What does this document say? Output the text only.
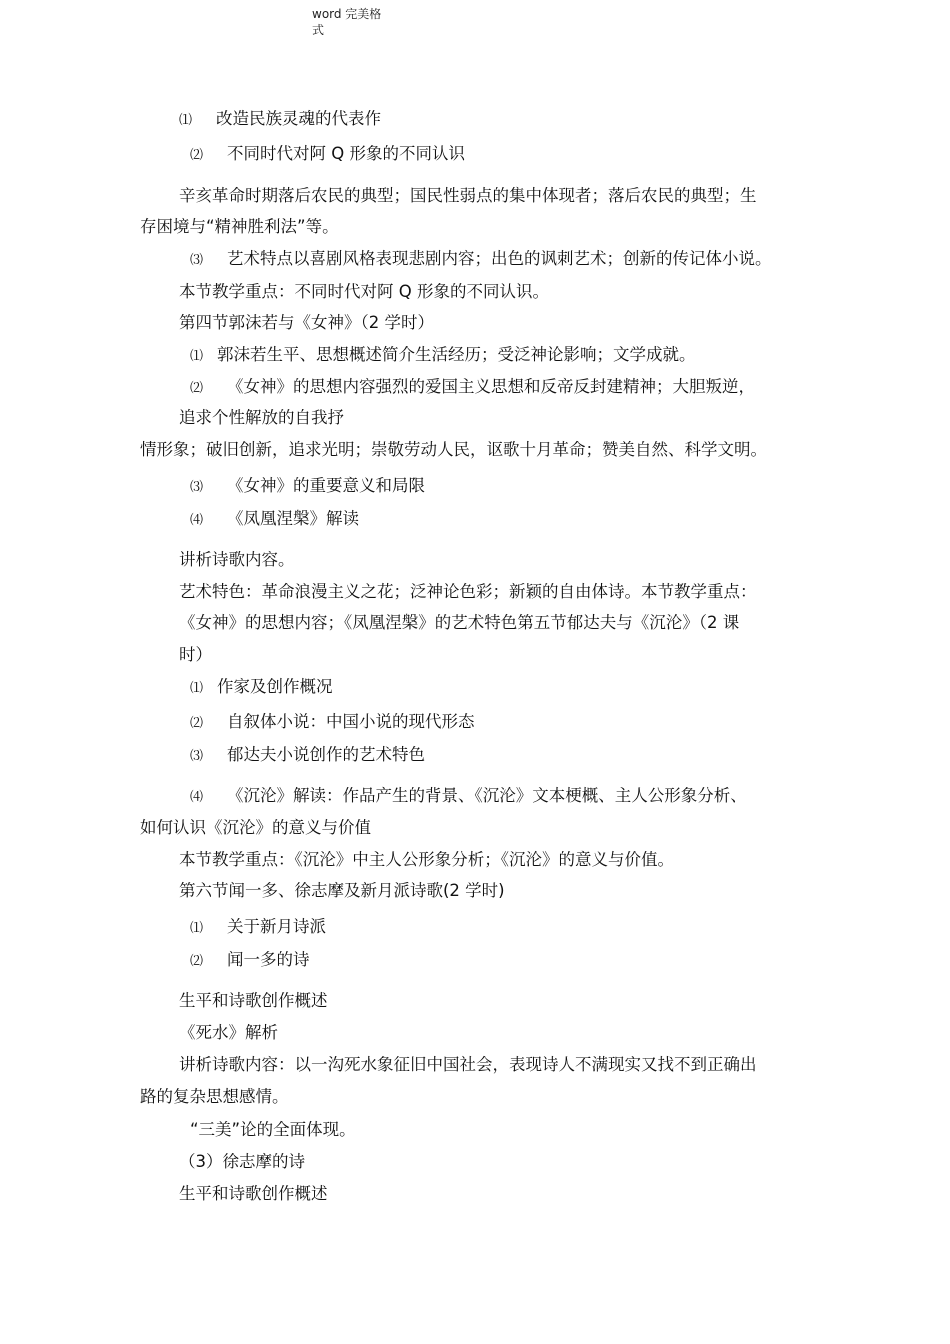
word 完美格
式
⑴ 改造民族灵魂的代表作
⑵ 不同时代对阿 Q 形象的不同认识
辛亥革命时期落后农民的典型；国民性弱点的集中体现者；落后农民的典型；生
存困境与“精神胜利法”等。
⑶ 艺术特点以喜剧风格表现悲剧内容；出色的讽刺艺术；创新的传记体小说。
本节教学重点：不同时代对阿 Q 形象的不同认识。
第四节郭沫若与《女神》（2 学时）
⑴ 郭沫若生平、思想概述简介生活经历；受泛神论影响；文学成就。
⑵ 《女神》的思想内容强烈的爱国主义思想和反帝反封建精神；大胆叛逆，
追求个性解放的自我抒
情形象；破旧创新，追求光明；崇敬劳动人民，讴歌十月革命；赞美自然、科学文明。
⑶ 《女神》的重要意义和局限
⑷ 《凤凰涅槃》解读
讲析诗歌内容。
艺术特色：革命浪漫主义之花；泛神论色彩；新颖的自由体诗。本节教学重点：
《女神》的思想内容；《凤凰涅槃》的艺术特色第五节郁达夫与《沉沦》（2 课
时）
⑴ 作家及创作概况
⑵ 自叙体小说：中国小说的现代形态
⑶ 郁达夫小说创作的艺术特色
⑷ 《沉沦》解读：作品产生的背景、《沉沦》文本梗概、主人公形象分析、
如何认识《沉沦》的意义与价值
本节教学重点：《沉沦》中主人公形象分析；《沉沦》的意义与价值。
第六节闻一多、徐志摩及新月派诗歌(2 学时)
⑴ 关于新月诗派
⑵ 闻一多的诗
生平和诗歌创作概述
《死水》解析
讲析诗歌内容：以一沟死水象征旧中国社会，表现诗人不满现实又找不到正确出
路的复杂思想感情。
“三美”论的全面体现。
（3）徐志摩的诗
生平和诗歌创作概述
